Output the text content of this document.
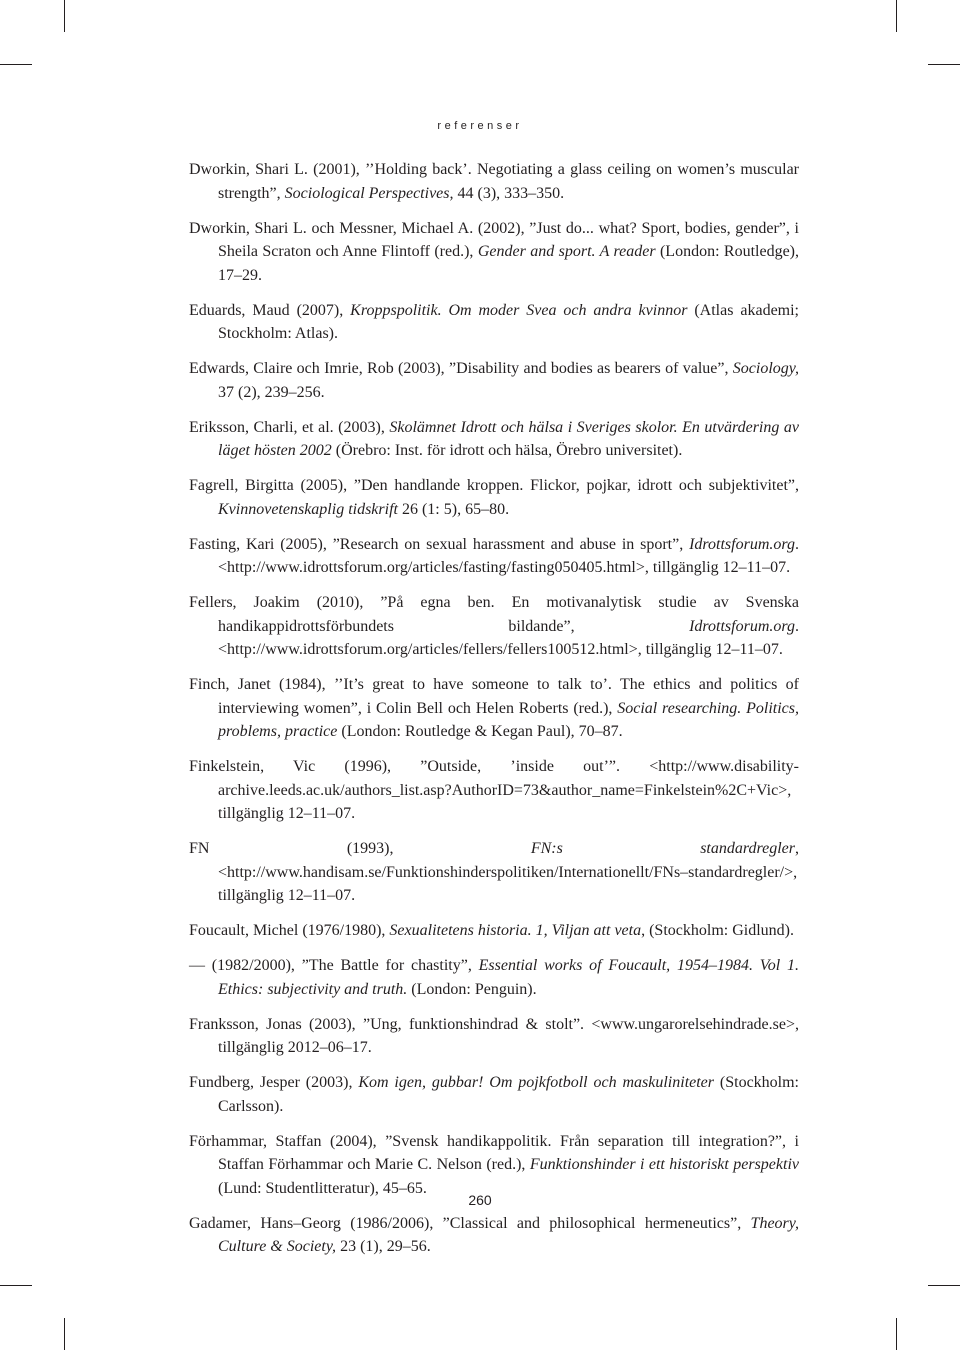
referenser

Dworkin, Shari L. (2001), ’’Holding back’. Negotiating a glass ceiling on women’s muscular strength”, Sociological Perspectives, 44 (3), 333–350.

Dworkin, Shari L. och Messner, Michael A. (2002), ”Just do... what? Sport, bodies, gender”, i Sheila Scraton och Anne Flintoff (red.), Gender and sport. A reader (London: Routledge), 17–29.

Eduards, Maud (2007), Kroppspolitik. Om moder Svea och andra kvinnor (Atlas akademi; Stockholm: Atlas).

Edwards, Claire och Imrie, Rob (2003), ”Disability and bodies as bearers of value”, Sociology, 37 (2), 239–256.

Eriksson, Charli, et al. (2003), Skolämnet Idrott och hälsa i Sveriges skolor. En utvärdering av läget hösten 2002 (Örebro: Inst. för idrott och hälsa, Örebro universitet).

Fagrell, Birgitta (2005), ”Den handlande kroppen. Flickor, pojkar, idrott och subjektivitet”, Kvinnovetenskaplig tidskrift 26 (1: 5), 65–80.

Fasting, Kari (2005), ”Research on sexual harassment and abuse in sport”, Idrottsforum.org. <http://www.idrottsforum.org/articles/fasting/fasting050405.html>, tillgänglig 12–11–07.

Fellers, Joakim (2010), ”På egna ben. En motivanalytisk studie av Svenska handikappidrottsförbundets bildande”, Idrottsforum.org. <http://www.idrottsforum.org/articles/fellers/fellers100512.html>, tillgänglig 12–11–07.

Finch, Janet (1984), ’’It’s great to have someone to talk to’. The ethics and politics of interviewing women”, i Colin Bell och Helen Roberts (red.), Social researching. Politics, problems, practice (London: Routledge & Kegan Paul), 70–87.

Finkelstein, Vic (1996), ”Outside, ’inside out’”. <http://www.disability-archive.leeds.ac.uk/authors_list.asp?AuthorID=73&author_name=Finkelstein%2C+Vic>, tillgänglig 12–11–07.

FN (1993), FN:s standardregler, <http://www.handisam.se/Funktionshinderspolitiken/Internationellt/FNs–standardregler/>, tillgänglig 12–11–07.

Foucault, Michel (1976/1980), Sexualitetens historia. 1, Viljan att veta, (Stockholm: Gidlund).

— (1982/2000), ”The Battle for chastity”, Essential works of Foucault, 1954–1984. Vol 1. Ethics: subjectivity and truth. (London: Penguin).

Franksson, Jonas (2003), ”Ung, funktionshindrad & stolt”. <www.ungarorelsehindrade.se>, tillgänglig 2012–06–17.

Fundberg, Jesper (2003), Kom igen, gubbar! Om pojkfotboll och maskuliniteter (Stockholm: Carlsson).

Förhammar, Staffan (2004), ”Svensk handikappolitik. Från separation till integration?”, i Staffan Förhammar och Marie C. Nelson (red.), Funktionshinder i ett historiskt perspektiv (Lund: Studentlitteratur), 45–65.

Gadamer, Hans–Georg (1986/2006), ”Classical and philosophical hermeneutics”, Theory, Culture & Society, 23 (1), 29–56.

260
